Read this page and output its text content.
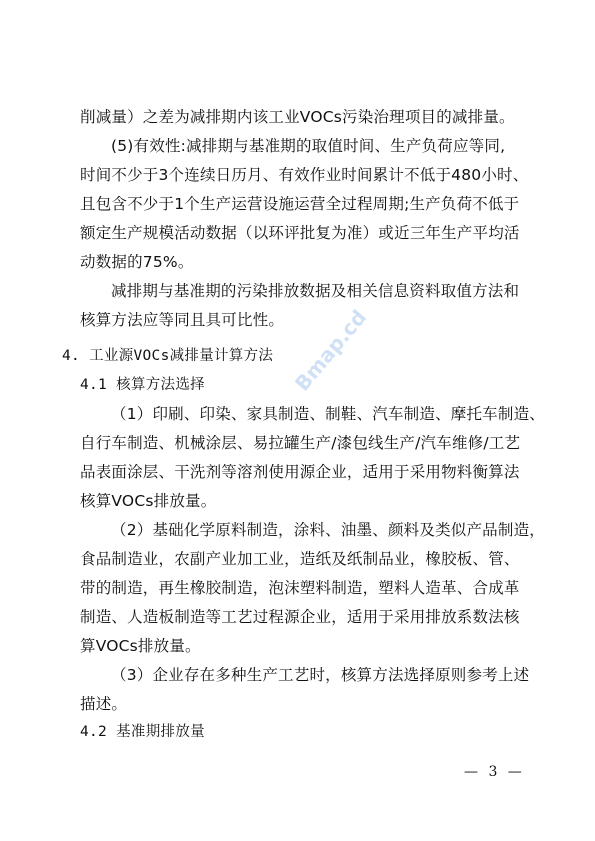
Bmap.cd

削减量）之差为减排期内该工业VOCs污染治理项目的减排量。

(5)有效性:减排期与基准期的取值时间、生产负荷应等同,
时间不少于3个连续日历月、有效作业时间累计不低于480小时、
且包含不少于1个生产运营设施运营全过程周期;生产负荷不低于
额定生产规模活动数据（以环评批复为准）或近三年生产平均活
动数据的75%。

减排期与基准期的污染排放数据及相关信息资料取值方法和
核算方法应等同且具可比性。

4. 工业源VOCs减排量计算方法
4.1 核算方法选择

（1）印刷、印染、家具制造、制鞋、汽车制造、摩托车制造、
自行车制造、机械涂层、易拉罐生产/漆包线生产/汽车维修/工艺
品表面涂层、干洗剂等溶剂使用源企业，适用于采用物料衡算法
核算VOCs排放量。

（2）基础化学原料制造，涂料、油墨、颜料及类似产品制造，
食品制造业，农副产业加工业，造纸及纸制品业，橡胶板、管、
带的制造，再生橡胶制造，泡沫塑料制造，塑料人造革、合成革
制造、人造板制造等工艺过程源企业，适用于采用排放系数法核
算VOCs排放量。

（3）企业存在多种生产工艺时，核算方法选择原则参考上述
描述。

4.2 基准期排放量
— 3 —
